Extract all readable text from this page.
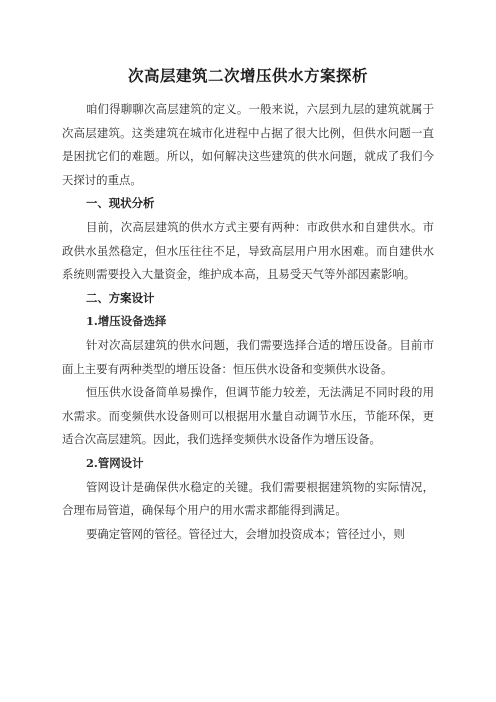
次高层建筑二次增压供水方案探析

咱们得聊聊次高层建筑的定义。一般来说，六层到九层的建筑就属于次高层建筑。这类建筑在城市化进程中占据了很大比例，但供水问题一直是困扰它们的难题。所以，如何解决这些建筑的供水问题，就成了我们今天探讨的重点。

一、现状分析

目前，次高层建筑的供水方式主要有两种：市政供水和自建供水。市政供水虽然稳定，但水压往往不足，导致高层用户用水困难。而自建供水系统则需要投入大量资金，维护成本高，且易受天气等外部因素影响。

二、方案设计
1.增压设备选择

针对次高层建筑的供水问题，我们需要选择合适的增压设备。目前市面上主要有两种类型的增压设备：恒压供水设备和变频供水设备。

恒压供水设备简单易操作，但调节能力较差，无法满足不同时段的用水需求。而变频供水设备则可以根据用水量自动调节水压，节能环保，更适合次高层建筑。因此，我们选择变频供水设备作为增压设备。

2.管网设计

管网设计是确保供水稳定的关键。我们需要根据建筑物的实际情况，合理布局管道，确保每个用户的用水需求都能得到满足。

要确定管网的管径。管径过大，会增加投资成本；管径过小，则
